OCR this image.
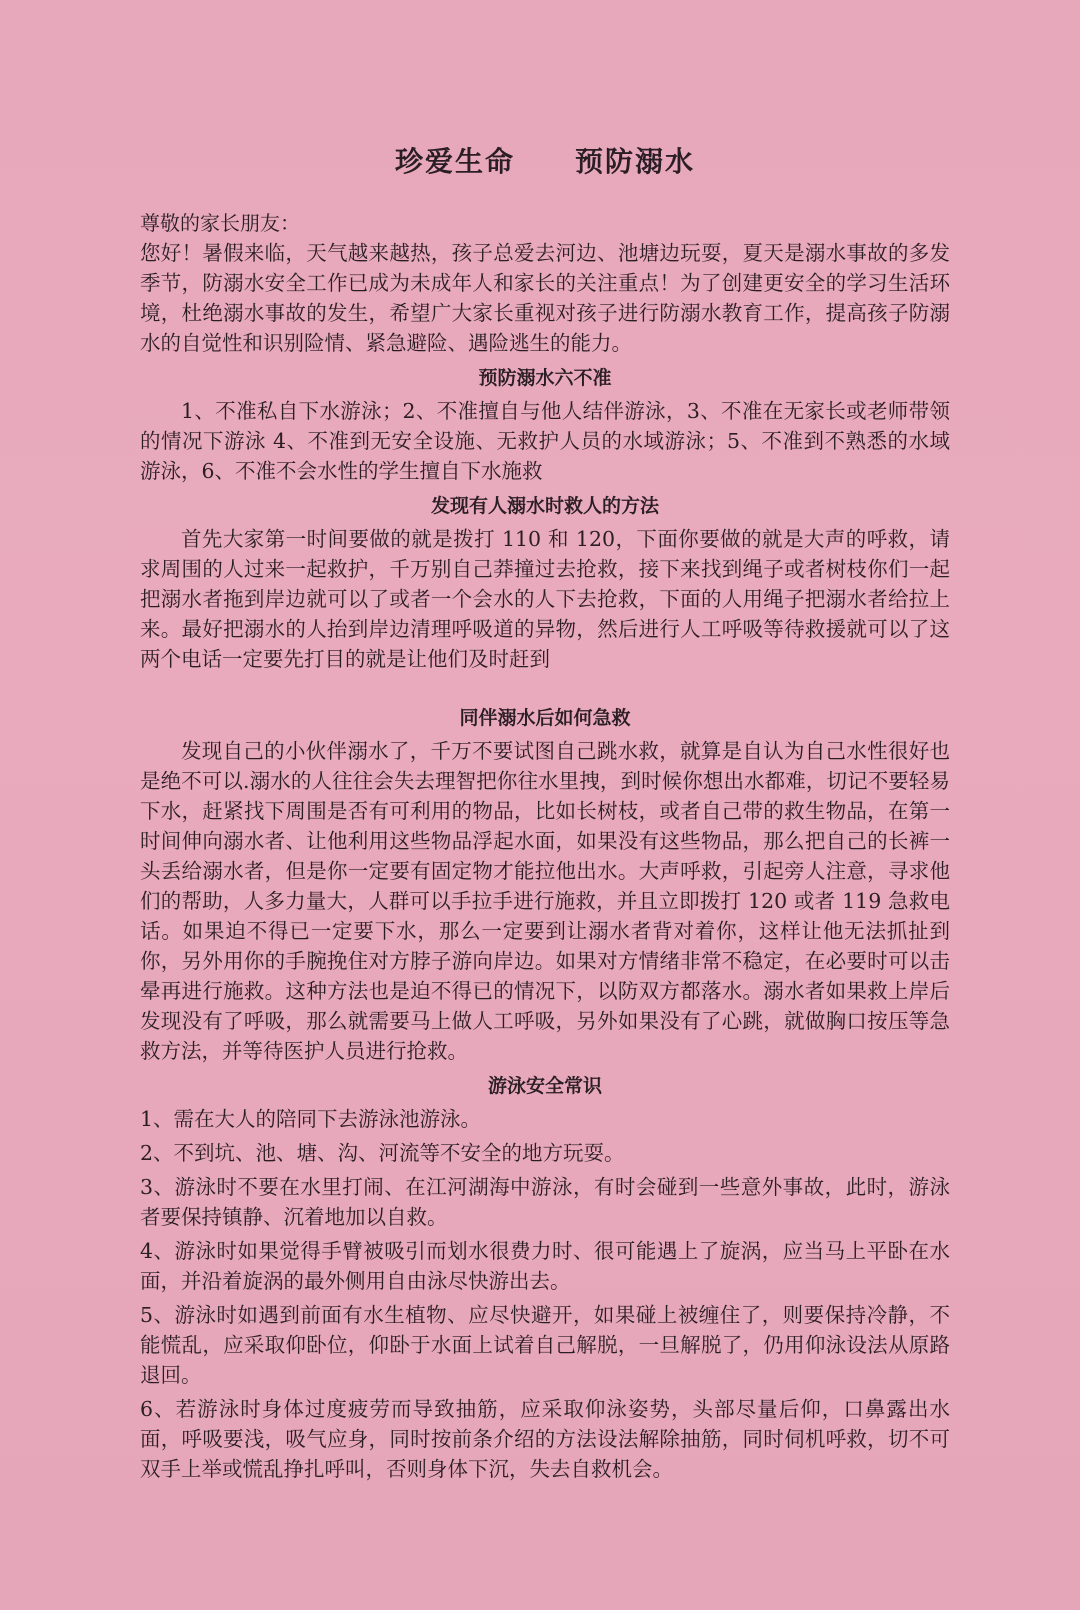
珍爱生命　　预防溺水

尊敬的家长朋友：

您好！暑假来临，天气越来越热，孩子总爱去河边、池塘边玩耍，夏天是溺水事故的多发季节，防溺水安全工作已成为未成年人和家长的关注重点！为了创建更安全的学习生活环境，杜绝溺水事故的发生，希望广大家长重视对孩子进行防溺水教育工作，提高孩子防溺水的自觉性和识别险情、紧急避险、遇险逃生的能力。

预防溺水六不准

1、不准私自下水游泳；2、不准擅自与他人结伴游泳，3、不准在无家长或老师带领的情况下游泳 4、不准到无安全设施、无救护人员的水域游泳；5、不准到不熟悉的水域游泳，6、不准不会水性的学生擅自下水施救

发现有人溺水时救人的方法

首先大家第一时间要做的就是拨打 110 和 120，下面你要做的就是大声的呼救，请求周围的人过来一起救护，千万别自己莽撞过去抢救，接下来找到绳子或者树枝你们一起把溺水者拖到岸边就可以了或者一个会水的人下去抢救，下面的人用绳子把溺水者给拉上来。最好把溺水的人抬到岸边清理呼吸道的异物，然后进行人工呼吸等待救援就可以了这两个电话一定要先打目的就是让他们及时赶到

同伴溺水后如何急救

发现自己的小伙伴溺水了，千万不要试图自己跳水救，就算是自认为自己水性很好也是绝不可以.溺水的人往往会失去理智把你往水里拽，到时候你想出水都难，切记不要轻易下水，赶紧找下周围是否有可利用的物品，比如长树枝，或者自己带的救生物品，在第一时间伸向溺水者、让他利用这些物品浮起水面，如果没有这些物品，那么把自己的长裤一头丢给溺水者，但是你一定要有固定物才能拉他出水。大声呼救，引起旁人注意，寻求他们的帮助，人多力量大，人群可以手拉手进行施救，并且立即拨打 120 或者 119 急救电话。如果迫不得已一定要下水，那么一定要到让溺水者背对着你，这样让他无法抓扯到你，另外用你的手腕挽住对方脖子游向岸边。如果对方情绪非常不稳定，在必要时可以击晕再进行施救。这种方法也是迫不得已的情况下，以防双方都落水。溺水者如果救上岸后发现没有了呼吸，那么就需要马上做人工呼吸，另外如果没有了心跳，就做胸口按压等急救方法，并等待医护人员进行抢救。

游泳安全常识
1、需在大人的陪同下去游泳池游泳。
2、不到坑、池、塘、沟、河流等不安全的地方玩耍。
3、游泳时不要在水里打闹、在江河湖海中游泳，有时会碰到一些意外事故，此时，游泳者要保持镇静、沉着地加以自救。
4、游泳时如果觉得手臂被吸引而划水很费力时、很可能遇上了旋涡，应当马上平卧在水面，并沿着旋涡的最外侧用自由泳尽快游出去。
5、游泳时如遇到前面有水生植物、应尽快避开，如果碰上被缠住了，则要保持冷静，不能慌乱，应采取仰卧位，仰卧于水面上试着自己解脱，一旦解脱了，仍用仰泳设法从原路退回。
6、若游泳时身体过度疲劳而导致抽筋，应采取仰泳姿势，头部尽量后仰，口鼻露出水面，呼吸要浅，吸气应身，同时按前条介绍的方法设法解除抽筋，同时伺机呼救，切不可双手上举或慌乱挣扎呼叫，否则身体下沉，失去自救机会。
